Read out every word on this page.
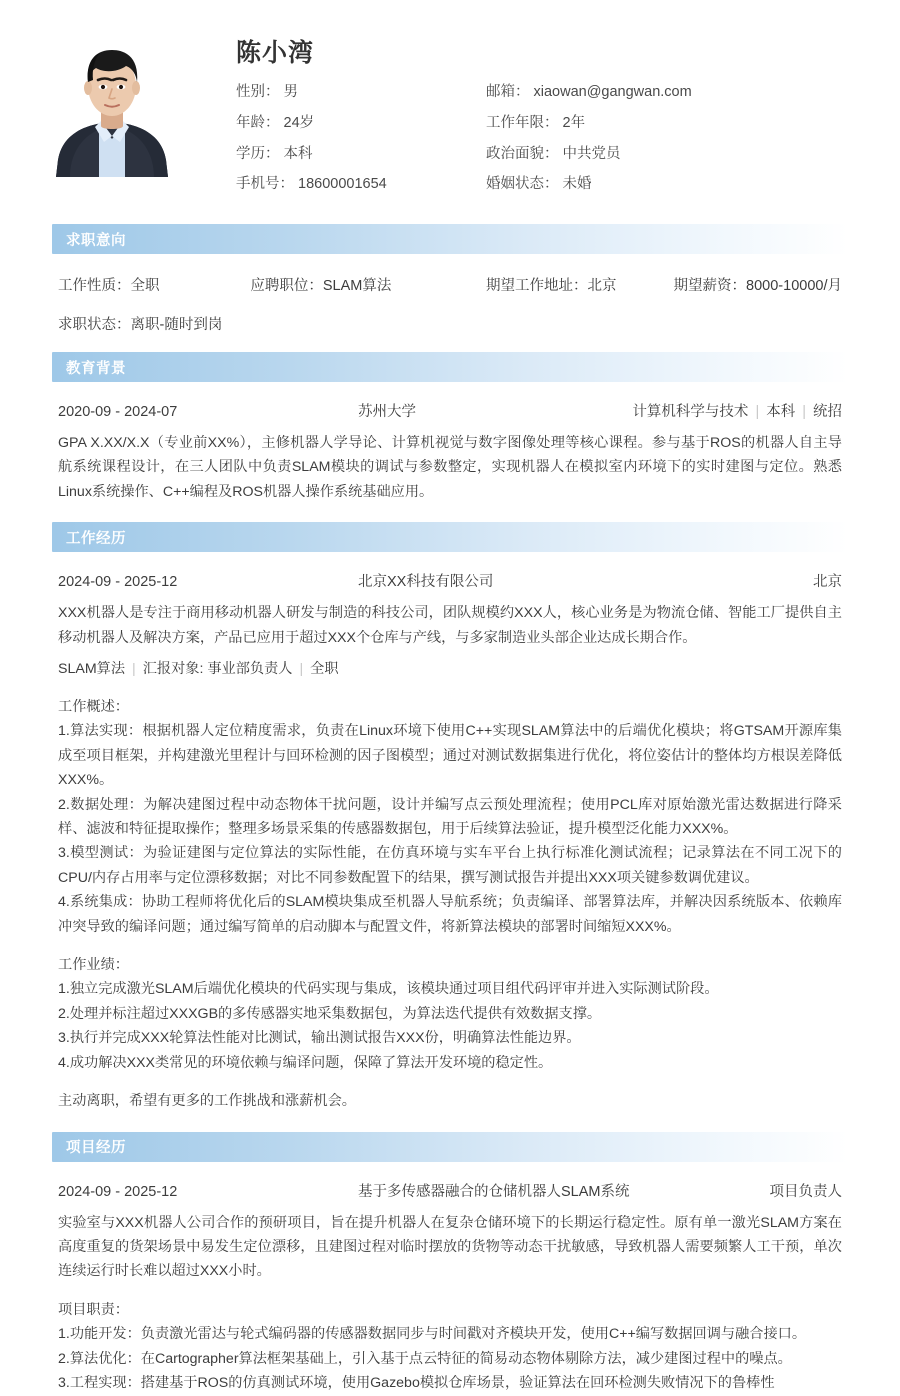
陈小湾
性别： 男	邮箱： xiaowan@gangwan.com
年龄： 24岁	工作年限： 2年
学历： 本科	政治面貌： 中共党员
手机号： 18600001654	婚姻状态： 未婚
求职意向
工作性质：全职	应聘职位：SLAM算法	期望工作地址：北京	期望薪资：8000-10000/月
求职状态：离职-随时到岗
教育背景
2020-09 - 2024-07	苏州大学	计算机科学与技术 | 本科 | 统招
GPA X.XX/X.X（专业前XX%），主修机器人学导论、计算机视觉与数字图像处理等核心课程。参与基于ROS的机器人自主导航系统课程设计，在三人团队中负责SLAM模块的调试与参数整定，实现机器人在模拟室内环境下的实时建图与定位。熟悉Linux系统操作、C++编程及ROS机器人操作系统基础应用。
工作经历
2024-09 - 2025-12	北京XX科技有限公司	北京
XXX机器人是专注于商用移动机器人研发与制造的科技公司，团队规模约XXX人，核心业务是为物流仓储、智能工厂提供自主移动机器人及解决方案，产品已应用于超过XXX个仓库与产线，与多家制造业头部企业达成长期合作。
SLAM算法 | 汇报对象: 事业部负责人 | 全职
工作概述：
1.算法实现：根据机器人定位精度需求，负责在Linux环境下使用C++实现SLAM算法中的后端优化模块；将GTSAM开源库集成至项目框架，并构建激光里程计与回环检测的因子图模型；通过对测试数据集进行优化，将位姿估计的整体均方根误差降低XXX%。
2.数据处理：为解决建图过程中动态物体干扰问题，设计并编写点云预处理流程；使用PCL库对原始激光雷达数据进行降采样、滤波和特征提取操作；整理多场景采集的传感器数据包，用于后续算法验证，提升模型泛化能力XXX%。
3.模型测试：为验证建图与定位算法的实际性能，在仿真环境与实车平台上执行标准化测试流程；记录算法在不同工况下的CPU/内存占用率与定位漂移数据；对比不同参数配置下的结果，撰写测试报告并提出XXX项关键参数调优建议。
4.系统集成：协助工程师将优化后的SLAM模块集成至机器人导航系统；负责编译、部署算法库，并解决因系统版本、依赖库冲突导致的编译问题；通过编写简单的启动脚本与配置文件，将新算法模块的部署时间缩短XXX%。
工作业绩：
1.独立完成激光SLAM后端优化模块的代码实现与集成，该模块通过项目组代码评审并进入实际测试阶段。
2.处理并标注超过XXXGB的多传感器实地采集数据包，为算法迭代提供有效数据支撑。
3.执行并完成XXX轮算法性能对比测试，输出测试报告XXX份，明确算法性能边界。
4.成功解决XXX类常见的环境依赖与编译问题，保障了算法开发环境的稳定性。
主动离职，希望有更多的工作挑战和涨薪机会。
项目经历
2024-09 - 2025-12	基于多传感器融合的仓储机器人SLAM系统	项目负责人
实验室与XXX机器人公司合作的预研项目，旨在提升机器人在复杂仓储环境下的长期运行稳定性。原有单一激光SLAM方案在高度重复的货架场景中易发生定位漂移，且建图过程对临时摆放的货物等动态干扰敏感，导致机器人需要频繁人工干预，单次连续运行时长难以超过XXX小时。
项目职责：
1.功能开发：负责激光雷达与轮式编码器的传感器数据同步与时间戳对齐模块开发，使用C++编写数据回调与融合接口。
2.算法优化：在Cartographer算法框架基础上，引入基于点云特征的简易动态物体剔除方法，减少建图过程中的噪点。
3.工程实现：搭建基于ROS的仿真测试环境，使用Gazebo模拟仓库场景，验证算法在回环检测失败情况下的鲁棒性
